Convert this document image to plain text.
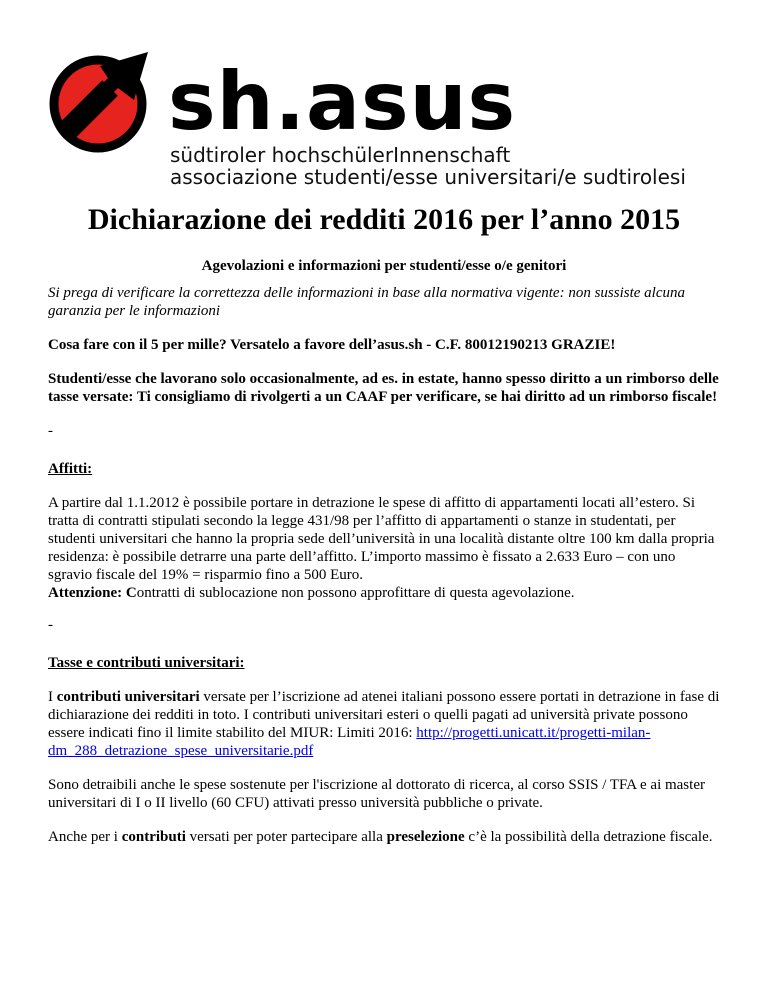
sh.asus
südtiroler hochschülerInnenschaft
associazione studenti/esse universitari/e sudtirolesi
Dichiarazione dei redditi 2016 per l’anno 2015
Agevolazioni e informazioni per studenti/esse o/e genitori

Si prega di verificare la correttezza delle informazioni in base alla normativa vigente: non sussiste alcuna garanzia per le informazioni

Cosa fare con il 5 per mille? Versatelo a favore dell’asus.sh - C.F. 80012190213 GRAZIE!

Studenti/esse che lavorano solo occasionalmente, ad es. in estate, hanno spesso diritto a un rimborso delle tasse versate: Ti consigliamo di rivolgerti a un CAAF per verificare, se hai diritto ad un rimborso fiscale!

-

Affitti:

A partire dal 1.1.2012 è possibile portare in detrazione le spese di affitto di appartamenti locati all’estero. Si tratta di contratti stipulati secondo la legge 431/98 per l’affitto di appartamenti o stanze in studentati, per studenti universitari che hanno la propria sede dell’università in una località distante oltre 100 km dalla propria residenza: è possibile detrarre una parte dell’affitto. L’importo massimo è fissato a 2.633 Euro – con uno sgravio fiscale del 19% = risparmio fino a 500 Euro.
Attenzione: Contratti di sublocazione non possono approfittare di questa agevolazione.

-

Tasse e contributi universitari:

I contributi universitari versate per l’iscrizione ad atenei italiani possono essere portati in detrazione in fase di dichiarazione dei redditi in toto. I contributi universitari esteri o quelli pagati ad università private possono essere indicati fino il limite stabilito del MIUR: Limiti 2016: http://progetti.unicatt.it/progetti-milan-dm_288_detrazione_spese_universitarie.pdf

Sono detraibili anche le spese sostenute per l'iscrizione al dottorato di ricerca, al corso SSIS / TFA e ai master universitari di I o II livello (60 CFU) attivati presso università pubbliche o private.

Anche per i contributi versati per poter partecipare alla preselezione c’è la possibilità della detrazione fiscale.
